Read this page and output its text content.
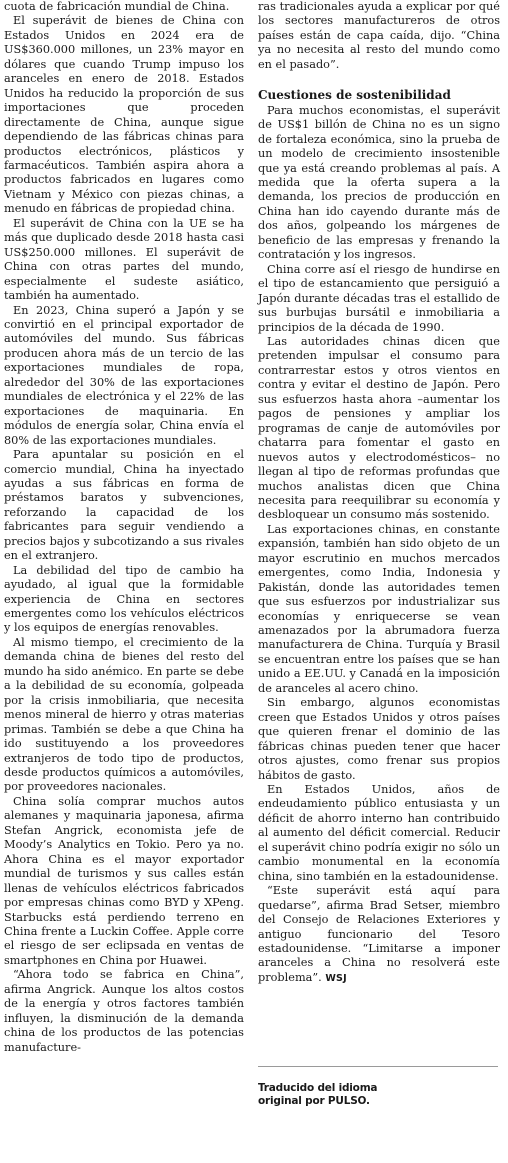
cuota de fabricación mundial de China.

El superávit de bienes de China con Estados Unidos en 2024 era de US$360.000 millones, un 23% mayor en dólares que cuando Trump impuso los aranceles en enero de 2018. Estados Unidos ha reducido la proporción de sus importaciones que proceden directamente de China, aunque sigue dependiendo de las fábricas chinas para productos electrónicos, plásticos y farmacéuticos. También aspira ahora a productos fabricados en lugares como Vietnam y México con piezas chinas, a menudo en fábricas de propiedad china.

El superávit de China con la UE se ha más que duplicado desde 2018 hasta casi US$250.000 millones. El superávit de China con otras partes del mundo, especialmente el sudeste asiático, también ha aumentado.

En 2023, China superó a Japón y se convirtió en el principal exportador de automóviles del mundo. Sus fábricas producen ahora más de un tercio de las exportaciones mundiales de ropa, alrededor del 30% de las exportaciones mundiales de electrónica y el 22% de las exportaciones de maquinaria. En módulos de energía solar, China envía el 80% de las exportaciones mundiales.

Para apuntalar su posición en el comercio mundial, China ha inyectado ayudas a sus fábricas en forma de préstamos baratos y subvenciones, reforzando la capacidad de los fabricantes para seguir vendiendo a precios bajos y subcotizando a sus rivales en el extranjero.

La debilidad del tipo de cambio ha ayudado, al igual que la formidable experiencia de China en sectores emergentes como los vehículos eléctricos y los equipos de energías renovables.

Al mismo tiempo, el crecimiento de la demanda china de bienes del resto del mundo ha sido anémico. En parte se debe a la debilidad de su economía, golpeada por la crisis inmobiliaria, que necesita menos mineral de hierro y otras materias primas. También se debe a que China ha ido sustituyendo a los proveedores extranjeros de todo tipo de productos, desde productos químicos a automóviles, por proveedores nacionales.

China solía comprar muchos autos alemanes y maquinaria japonesa, afirma Stefan Angrick, economista jefe de Moody’s Analytics en Tokio. Pero ya no. Ahora China es el mayor exportador mundial de turismos y sus calles están llenas de vehículos eléctricos fabricados por empresas chinas como BYD y XPeng. Starbucks está perdiendo terreno en China frente a Luckin Coffee. Apple corre el riesgo de ser eclipsada en ventas de smartphones en China por Huawei.

“Ahora todo se fabrica en China”, afirma Angrick. Aunque los altos costos de la energía y otros factores también influyen, la disminución de la demanda china de los productos de las potencias manufacture-

ras tradicionales ayuda a explicar por qué los sectores manufactureros de otros países están de capa caída, dijo. “China ya no necesita al resto del mundo como en el pasado”.

Cuestiones de sostenibilidad

Para muchos economistas, el superávit de US$1 billón de China no es un signo de fortaleza económica, sino la prueba de un modelo de crecimiento insostenible que ya está creando problemas al país. A medida que la oferta supera a la demanda, los precios de producción en China han ido cayendo durante más de dos años, golpeando los márgenes de beneficio de las empresas y frenando la contratación y los ingresos.

China corre así el riesgo de hundirse en el tipo de estancamiento que persiguió a Japón durante décadas tras el estallido de sus burbujas bursátil e inmobiliaria a principios de la década de 1990.

Las autoridades chinas dicen que pretenden impulsar el consumo para contrarrestar estos y otros vientos en contra y evitar el destino de Japón. Pero sus esfuerzos hasta ahora –aumentar los pagos de pensiones y ampliar los programas de canje de automóviles por chatarra para fomentar el gasto en nuevos autos y electrodomésticos– no llegan al tipo de reformas profundas que muchos analistas dicen que China necesita para reequilibrar su economía y desbloquear un consumo más sostenido.

Las exportaciones chinas, en constante expansión, también han sido objeto de un mayor escrutinio en muchos mercados emergentes, como India, Indonesia y Pakistán, donde las autoridades temen que sus esfuerzos por industrializar sus economías y enriquecerse se vean amenazados por la abrumadora fuerza manufacturera de China. Turquía y Brasil se encuentran entre los países que se han unido a EE.UU. y Canadá en la imposición de aranceles al acero chino.

Sin embargo, algunos economistas creen que Estados Unidos y otros países que quieren frenar el dominio de las fábricas chinas pueden tener que hacer otros ajustes, como frenar sus propios hábitos de gasto.

En Estados Unidos, años de endeudamiento público entusiasta y un déficit de ahorro interno han contribuido al aumento del déficit comercial. Reducir el superávit chino podría exigir no sólo un cambio monumental en la economía china, sino también en la estadounidense.

“Este superávit está aquí para quedarse”, afirma Brad Setser, miembro del Consejo de Relaciones Exteriores y antiguo funcionario del Tesoro estadounidense. “Limitarse a imponer aranceles a China no resolverá este problema”. WSJ

Traducido del idioma
original por PULSO.
